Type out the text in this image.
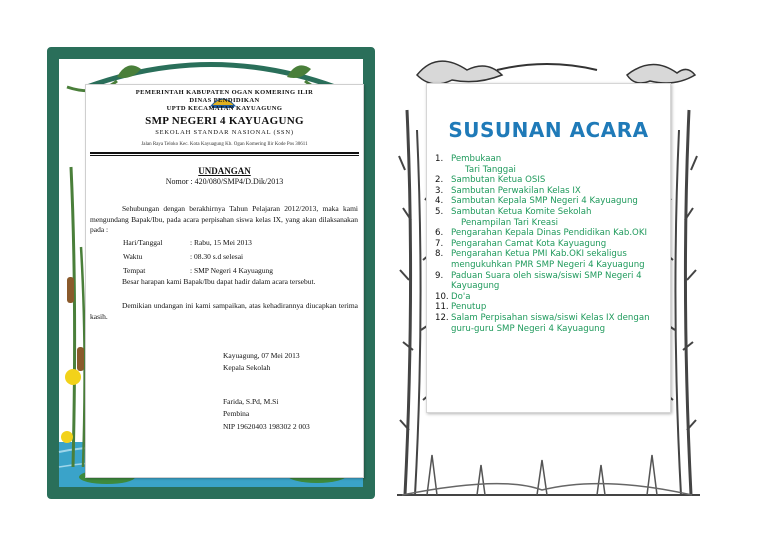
PEMERINTAH KABUPATEN OGAN KOMERING ILIR
DINAS PENDIDIKAN
UPTD KECAMATAN KAYUAGUNG
SMP NEGERI 4 KAYUAGUNG
SEKOLAH STANDAR NASIONAL (SSN)
Jalan Raya Teloko Kec. Kota Kayuagung Kb. Ogan Komering Ilir Kode Pos 30611
UNDANGAN
Nomor : 420/080/SMP4/D.Dik/2013
Sehubungan dengan berakhirnya Tahun Pelajaran 2012/2013, maka kami mengundang Bapak/Ibu, pada acara perpisahan siswa kelas IX, yang akan dilaksanakan pada :
Hari/Tanggal	: Rabu, 15 Mei 2013
Waktu	: 08.30 s.d selesai
Tempat	: SMP Negeri 4 Kayuagung
Besar harapan kami Bapak/Ibu dapat hadir dalam acara tersebut.
Demikian undangan ini kami sampaikan, atas kehadirannya diucapkan terima kasih.
Kayuagung, 07 Mei 2013
Kepala Sekolah
Farida, S.Pd, M.Si
Pembina
NIP 19620403 198302 2 003
SUSUNAN ACARA
1. Pembukaan
Tari Tanggai
2. Sambutan Ketua OSIS
3. Sambutan Perwakilan Kelas IX
4. Sambutan Kepala SMP Negeri 4 Kayuagung
5. Sambutan Ketua Komite Sekolah
Penampilan Tari Kreasi
6. Pengarahan Kepala Dinas Pendidikan Kab.OKI
7. Pengarahan Camat Kota Kayuagung
8. Pengarahan Ketua PMI Kab.OKI sekaligus mengukuhkan PMR SMP Negeri 4 Kayuagung
9. Paduan Suara oleh siswa/siswi SMP Negeri 4 Kayuagung
10. Do'a
11. Penutup
12. Salam Perpisahan siswa/siswi Kelas IX dengan guru-guru SMP Negeri 4 Kayuagung
